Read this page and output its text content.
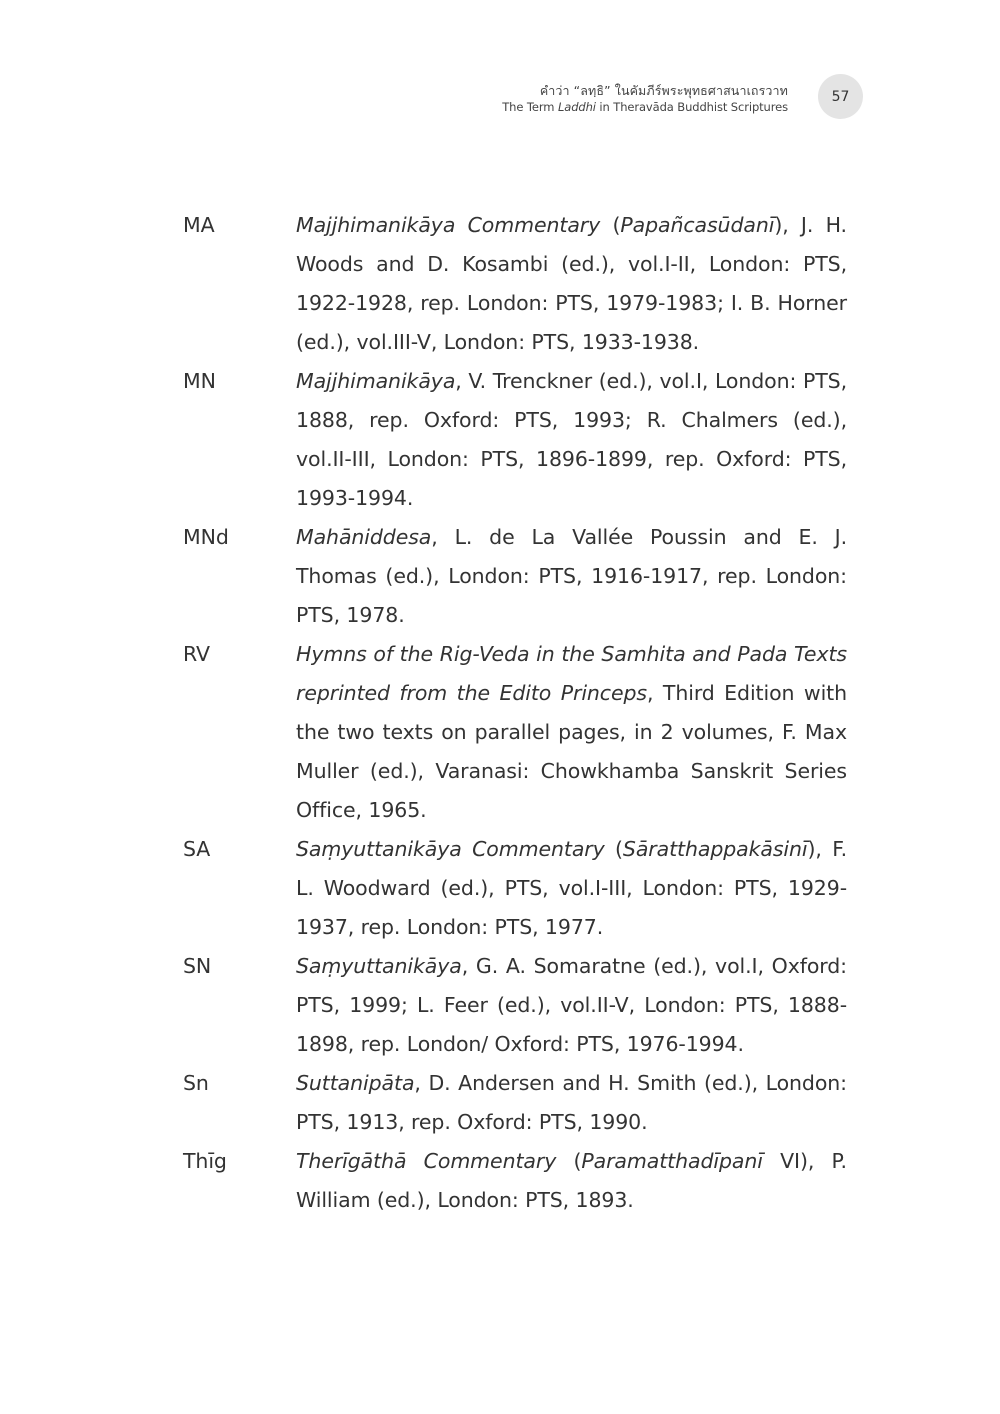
คำว่า “ลทฺธิ” ในคัมภีร์พระพุทธศาสนาเถรวาท
The Term Laddhi in Theravāda Buddhist Scriptures
57
MA	Majjhimanikāya Commentary (Papañcasūdanī), J. H. Woods and D. Kosambi (ed.), vol.I-II, London: PTS, 1922-1928, rep. London: PTS, 1979-1983; I. B. Horner (ed.), vol.III-V, London: PTS, 1933-1938.
MN	Majjhimanikāya, V. Trenckner (ed.), vol.I, London: PTS, 1888, rep. Oxford: PTS, 1993; R. Chalmers (ed.), vol.II-III, London: PTS, 1896-1899, rep. Oxford: PTS, 1993-1994.
MNd	Mahāniddesa, L. de La Vallée Poussin and E. J. Thomas (ed.), London: PTS, 1916-1917, rep. London: PTS, 1978.
RV	Hymns of the Rig-Veda in the Samhita and Pada Texts reprinted from the Edito Princeps, Third Edition with the two texts on parallel pages, in 2 volumes, F. Max Muller (ed.), Varanasi: Chowkhamba Sanskrit Series Office, 1965.
SA	Saṃyuttanikāya Commentary (Sāratthappakāsinī), F. L. Woodward (ed.), PTS, vol.I-III, London: PTS, 1929-1937, rep. London: PTS, 1977.
SN	Saṃyuttanikāya, G. A. Somaratne (ed.), vol.I, Oxford: PTS, 1999; L. Feer (ed.), vol.II-V, London: PTS, 1888-1898, rep. London/ Oxford: PTS, 1976-1994.
Sn	Suttanipāta, D. Andersen and H. Smith (ed.), London: PTS, 1913, rep. Oxford: PTS, 1990.
Thīg	Therīgāthā Commentary (Paramatthadīpanī VI), P. William (ed.), London: PTS, 1893.
